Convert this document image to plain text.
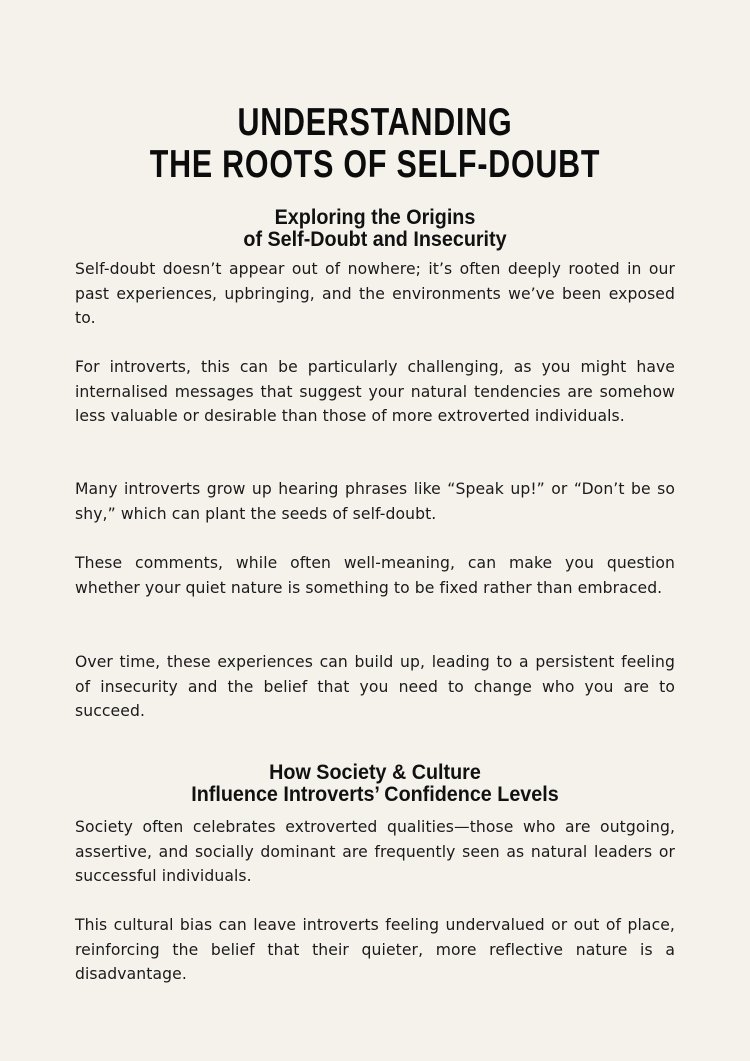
UNDERSTANDING
THE ROOTS OF SELF-DOUBT
Exploring the Origins
of Self-Doubt and Insecurity

Self-doubt doesn’t appear out of nowhere; it’s often deeply rooted in our past experiences, upbringing, and the environments we’ve been exposed to.

For introverts, this can be particularly challenging, as you might have internalised messages that suggest your natural tendencies are somehow less valuable or desirable than those of more extroverted individuals.

Many introverts grow up hearing phrases like “Speak up!” or “Don’t be so shy,” which can plant the seeds of self-doubt.

These comments, while often well-meaning, can make you question whether your quiet nature is something to be fixed rather than embraced.

Over time, these experiences can build up, leading to a persistent feeling of insecurity and the belief that you need to change who you are to succeed.

How Society & Culture
Influence Introverts’ Confidence Levels

Society often celebrates extroverted qualities—those who are outgoing, assertive, and socially dominant are frequently seen as natural leaders or successful individuals.

This cultural bias can leave introverts feeling undervalued or out of place, reinforcing the belief that their quieter, more reflective nature is a disadvantage.
